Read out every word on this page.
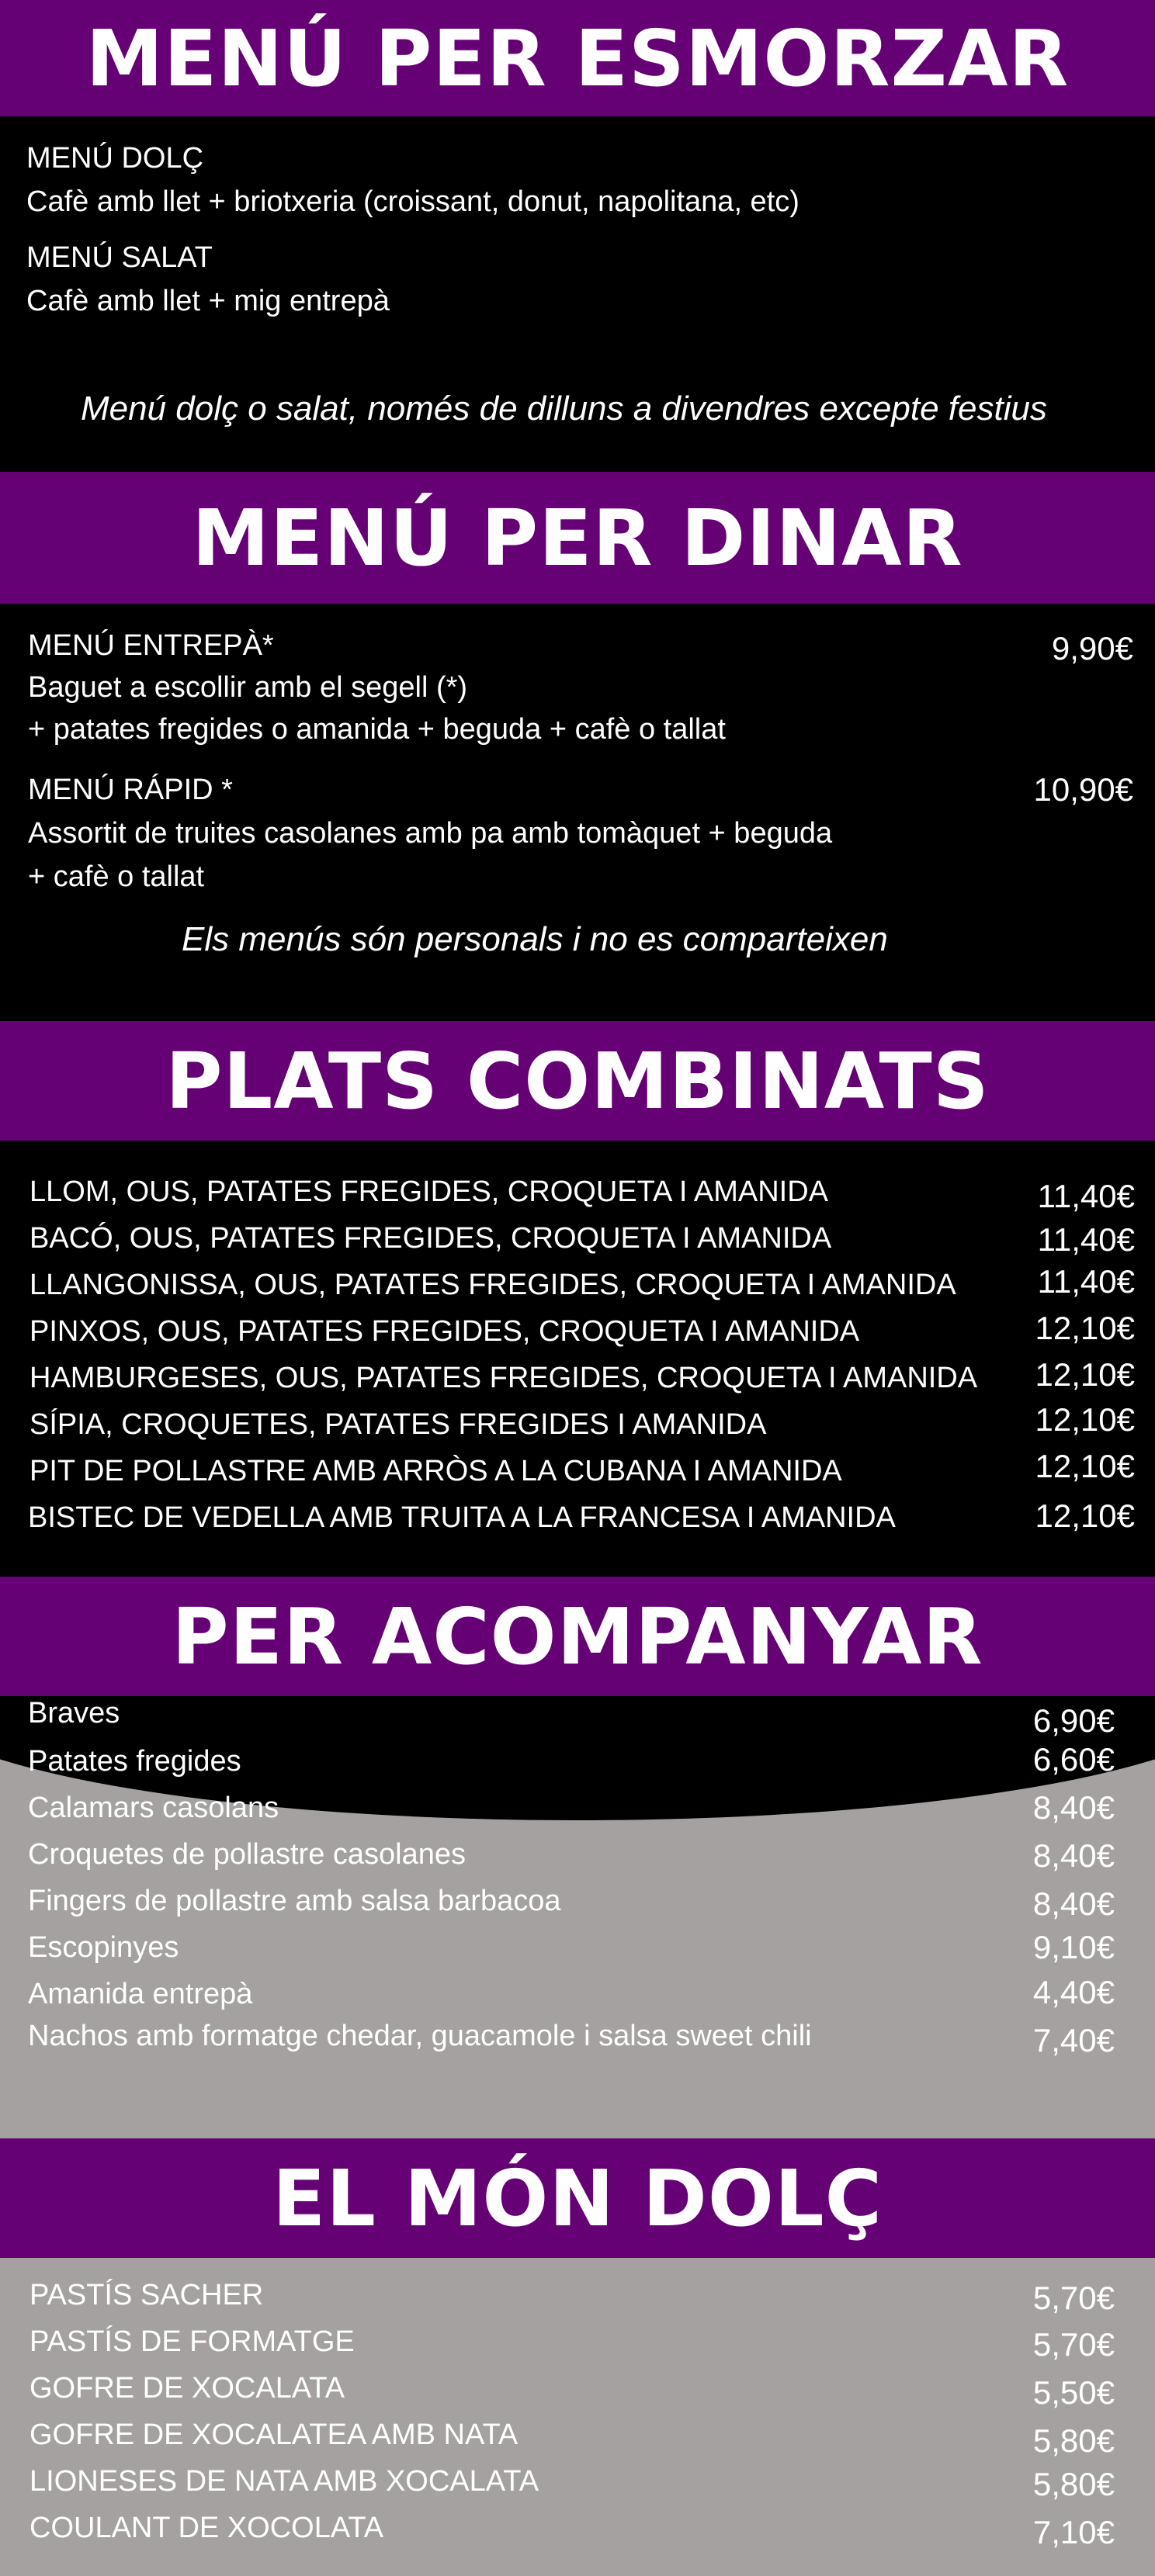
MENÚ PER ESMORZAR
MENÚ DOLÇ
Cafè amb llet + briotxeria (croissant, donut, napolitana, etc)
MENÚ SALAT
Cafè amb llet + mig entrepà
Menú dolç o salat, només de dilluns a divendres excepte festius
MENÚ PER DINAR
MENÚ ENTREPÀ*	9,90€
Baguet a escollir amb el segell (*)
+ patates fregides o amanida + beguda + cafè o tallat
MENÚ RÁPID *	10,90€
Assortit de truites casolanes amb pa amb tomàquet + beguda
+ cafè o tallat
Els menús són personals i no es comparteixen
PLATS COMBINATS
LLOM, OUS, PATATES FREGIDES, CROQUETA I AMANIDA	11,40€
BACÓ, OUS, PATATES FREGIDES, CROQUETA I AMANIDA	11,40€
LLANGONISSA, OUS, PATATES FREGIDES, CROQUETA I AMANIDA 11,40€
PINXOS, OUS, PATATES FREGIDES, CROQUETA I AMANIDA	12,10€
HAMBURGESES, OUS, PATATES FREGIDES, CROQUETA I AMANIDA 12,10€
SÍPIA, CROQUETES, PATATES FREGIDES I AMANIDA	12,10€
PIT DE POLLASTRE AMB ARRÒS A LA CUBANA I AMANIDA	12,10€
BISTEC DE VEDELLA AMB TRUITA A LA FRANCESA I AMANIDA	12,10€
PER ACOMPANYAR
Braves	6,90€
Patates fregides	6,60€
Calamars casolans	8,40€
Croquetes de pollastre casolanes	8,40€
Fingers de pollastre amb salsa barbacoa	8,40€
Escopinyes	9,10€
Amanida entrepà	4,40€
Nachos amb formatge chedar, guacamole i salsa sweet chili	7,40€
EL MÓN DOLÇ
PASTÍS SACHER	5,70€
PASTÍS DE FORMATGE	5,70€
GOFRE DE XOCALATA	5,50€
GOFRE DE XOCALATEA AMB NATA	5,80€
LIONESES DE NATA AMB XOCALATA	5,80€
COULANT DE XOCOLATA	7,10€
